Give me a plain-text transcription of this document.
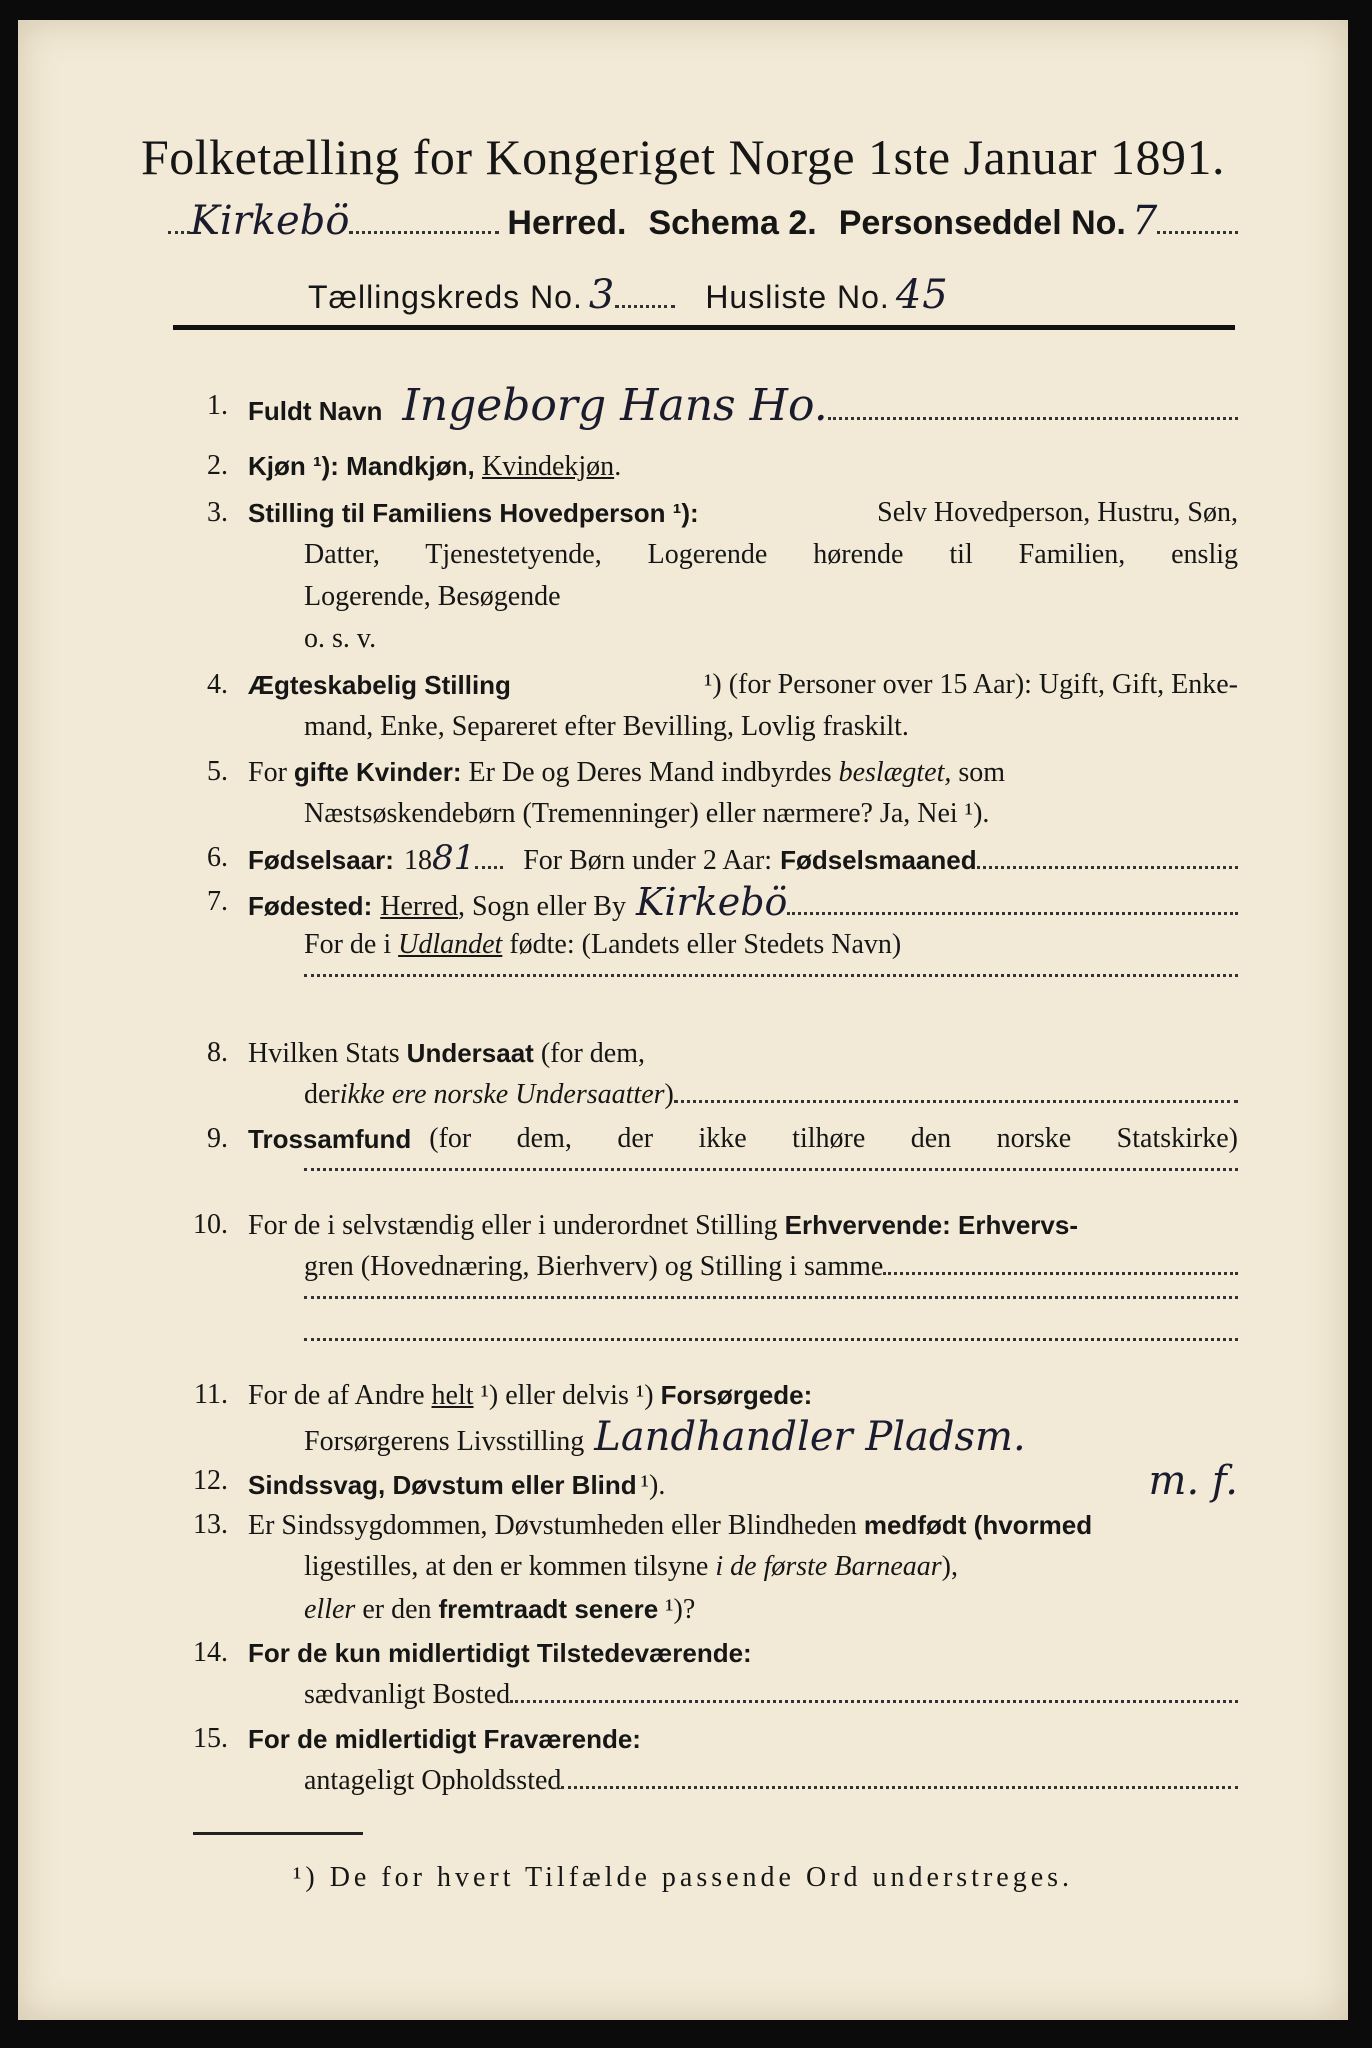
Folketælling for Kongeriget Norge 1ste Januar 1891.
Kirkebö	Herred. Schema 2. Personseddel No. 7
Tællingskreds No. 3	Husliste No. 45
1. Fuldt Navn Ingeborg Hans Ho.
2. Kjøn ¹): Mandkjøn, Kvindekjøn.
3. Stilling til Familiens Hovedperson ¹):	Selv Hovedperson, Hustru, Søn,
Datter, Tjenestetyende, Logerende hørende til Familien, enslig
Logerende, Besøgende
o. s. v.
4. Ægteskabelig Stilling	¹) (for Personer over 15 Aar): Ugift, Gift, Enke-
mand, Enke, Separeret efter Bevilling, Lovlig fraskilt.
5. For gifte Kvinder: Er De og Deres Mand indbyrdes beslægtet, som
Næstsøskendebørn (Tremenninger) eller nærmere? Ja, Nei ¹).
6. Fødselsaar: 18 81 For Børn under 2 Aar: Fødselsmaaned
7. Fødested: Herred , Sogn eller By Kirkebö
For de i Udlandet fødte: (Landets eller Stedets Navn)
8. Hvilken Stats Undersaat (for dem,
der ikke ere norske Undersaatter )
9. Trossamfund (for dem, der ikke tilhøre den norske Statskirke)
10. For de i selvstændig eller i underordnet Stilling Erhvervende: Erhvervs-
gren (Hovednæring, Bierhverv) og Stilling i samme
11. For de af Andre helt ¹) eller delvis ¹) Forsørgede:
Forsørgerens Livsstilling Landhandler Pladsm.
12. Sindssvag, Døvstum eller Blind ¹).	m. f.
13. Er Sindssygdommen, Døvstumheden eller Blindheden medfødt (hvormed
ligestilles, at den er kommen tilsyne i de første Barneaar),
eller er den fremtraadt senere ¹)?
14. For de kun midlertidigt Tilstedeværende:
sædvanligt Bosted
15. For de midlertidigt Fraværende:
antageligt Opholdssted
¹) De for hvert Tilfælde passende Ord understreges.
